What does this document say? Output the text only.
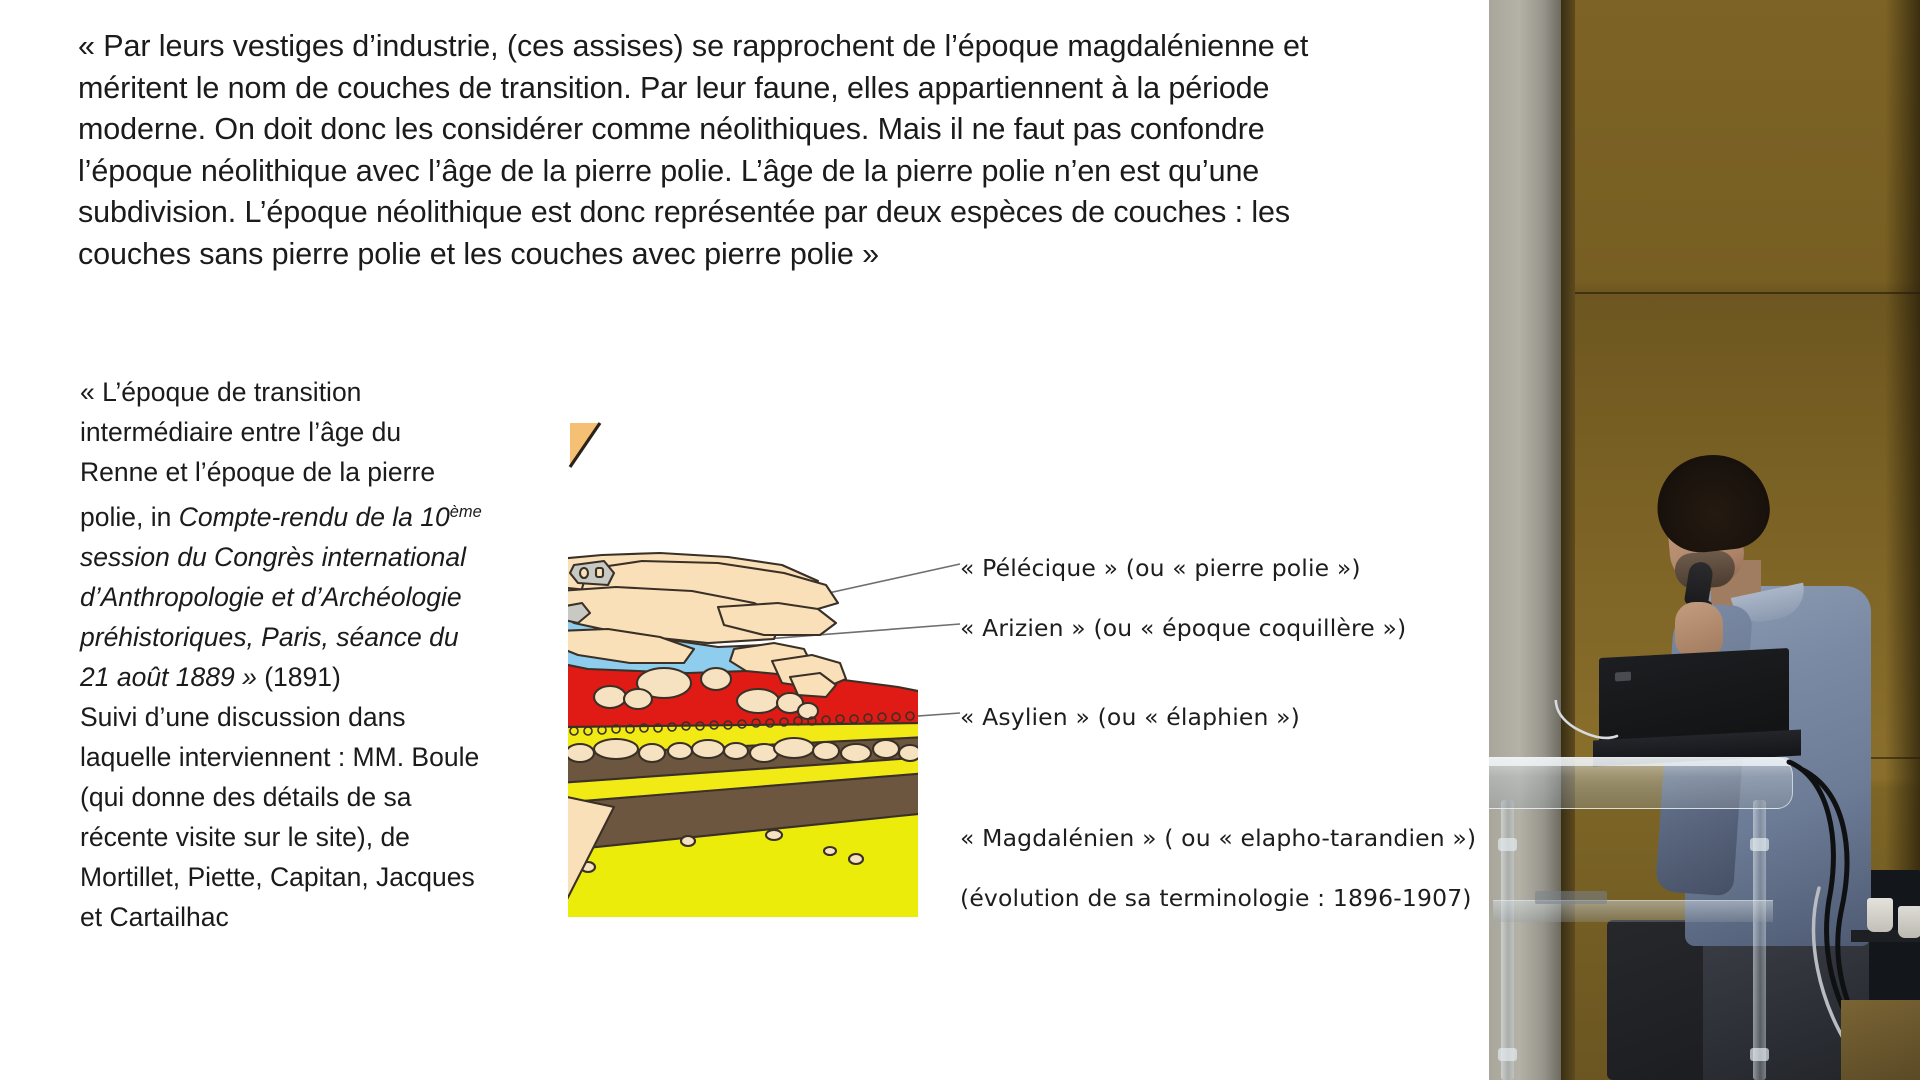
« Par leurs vestiges d’industrie, (ces assises) se rapprochent de l’époque magdalénienne et méritent le nom de couches de transition. Par leur faune, elles appartiennent à la période moderne. On doit donc les considérer comme néolithiques. Mais il ne faut pas confondre l’époque néolithique avec l’âge de la pierre polie. L’âge de la pierre polie n’en est qu’une subdivision. L’époque néolithique est donc représentée par deux espèces de couches : les couches sans pierre polie et les couches avec pierre polie »

« L’époque de transition intermédiaire entre l’âge du Renne et l’époque de la pierre polie, in Compte-rendu de la 10ème session du Congrès international d’Anthropologie et d’Archéologie préhistoriques, Paris, séance du 21 août 1889 » (1891)
Suivi d’une discussion dans laquelle interviennent : MM. Boule (qui donne des détails de sa récente visite sur le site), de Mortillet, Piette, Capitan, Jacques et Cartailhac
« Pélécique » (ou « pierre polie »)
« Arizien » (ou « époque coquillère »)
« Asylien » (ou « élaphien »)
« Magdalénien » ( ou « elapho-tarandien »)
(évolution de sa terminologie : 1896-1907)
